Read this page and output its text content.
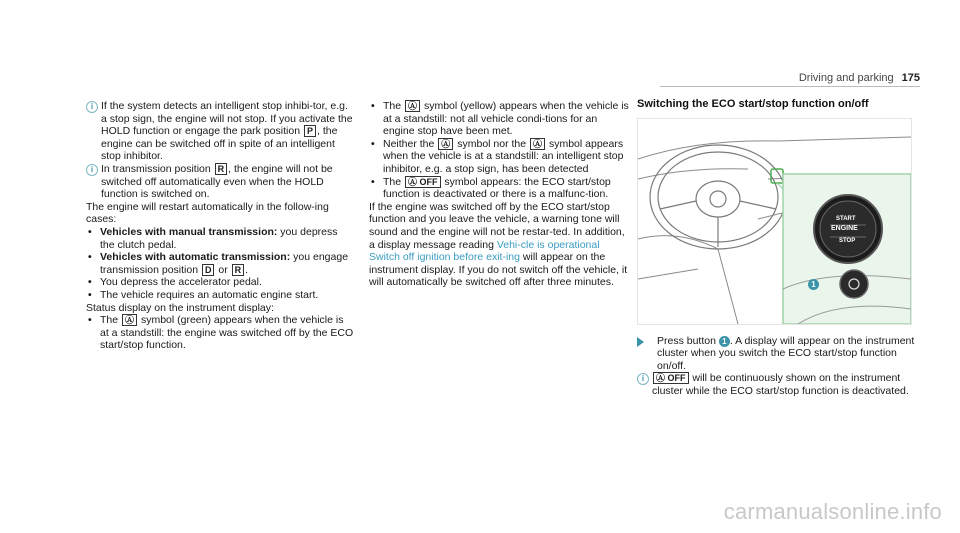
Driving and parking 175

i If the system detects an intelligent stop inhibi-tor, e.g. a stop sign, the engine will not stop. If you activate the HOLD function or engage the park position P , the engine can be switched off in spite of an intelligent stop inhibitor.

i In transmission position R , the engine will not be switched off automatically even when the HOLD function is switched on.

The engine will restart automatically in the follow-ing cases:

• Vehicles with manual transmission: you depress the clutch pedal.

• Vehicles with automatic transmission: you engage transmission position D or R .

• You depress the accelerator pedal.

• The vehicle requires an automatic engine start.

Status display on the instrument display:

• The Ⓐ symbol (green) appears when the vehicle is at a standstill: the engine was switched off by the ECO start/stop function.

• The Ⓐ symbol (yellow) appears when the vehicle is at a standstill: not all vehicle condi-tions for an engine stop have been met.

• Neither the Ⓐ symbol nor the Ⓐ symbol appears when the vehicle is at a standstill: an intelligent stop inhibitor, e.g. a stop sign, has been detected

• The Ⓐ OFF symbol appears: the ECO start/stop function is deactivated or there is a malfunc-tion.

If the engine was switched off by the ECO start/stop function and you leave the vehicle, a warning tone will sound and the engine will not be restar-ted. In addition, a display message reading Vehi-cle is operational Switch off ignition before exit-ing will appear on the instrument display. If you do not switch off the vehicle, it will automatically be switched off after three minutes.

Switching the ECO start/stop function on/off
START
ENGINE
STOP
1

Press button 1 . A display will appear on the instrument cluster when you switch the ECO start/stop function on/off.

i	Ⓐ OFF will be continuously shown on the instrument cluster while the ECO start/stop function is deactivated.

carmanualsonline.info
